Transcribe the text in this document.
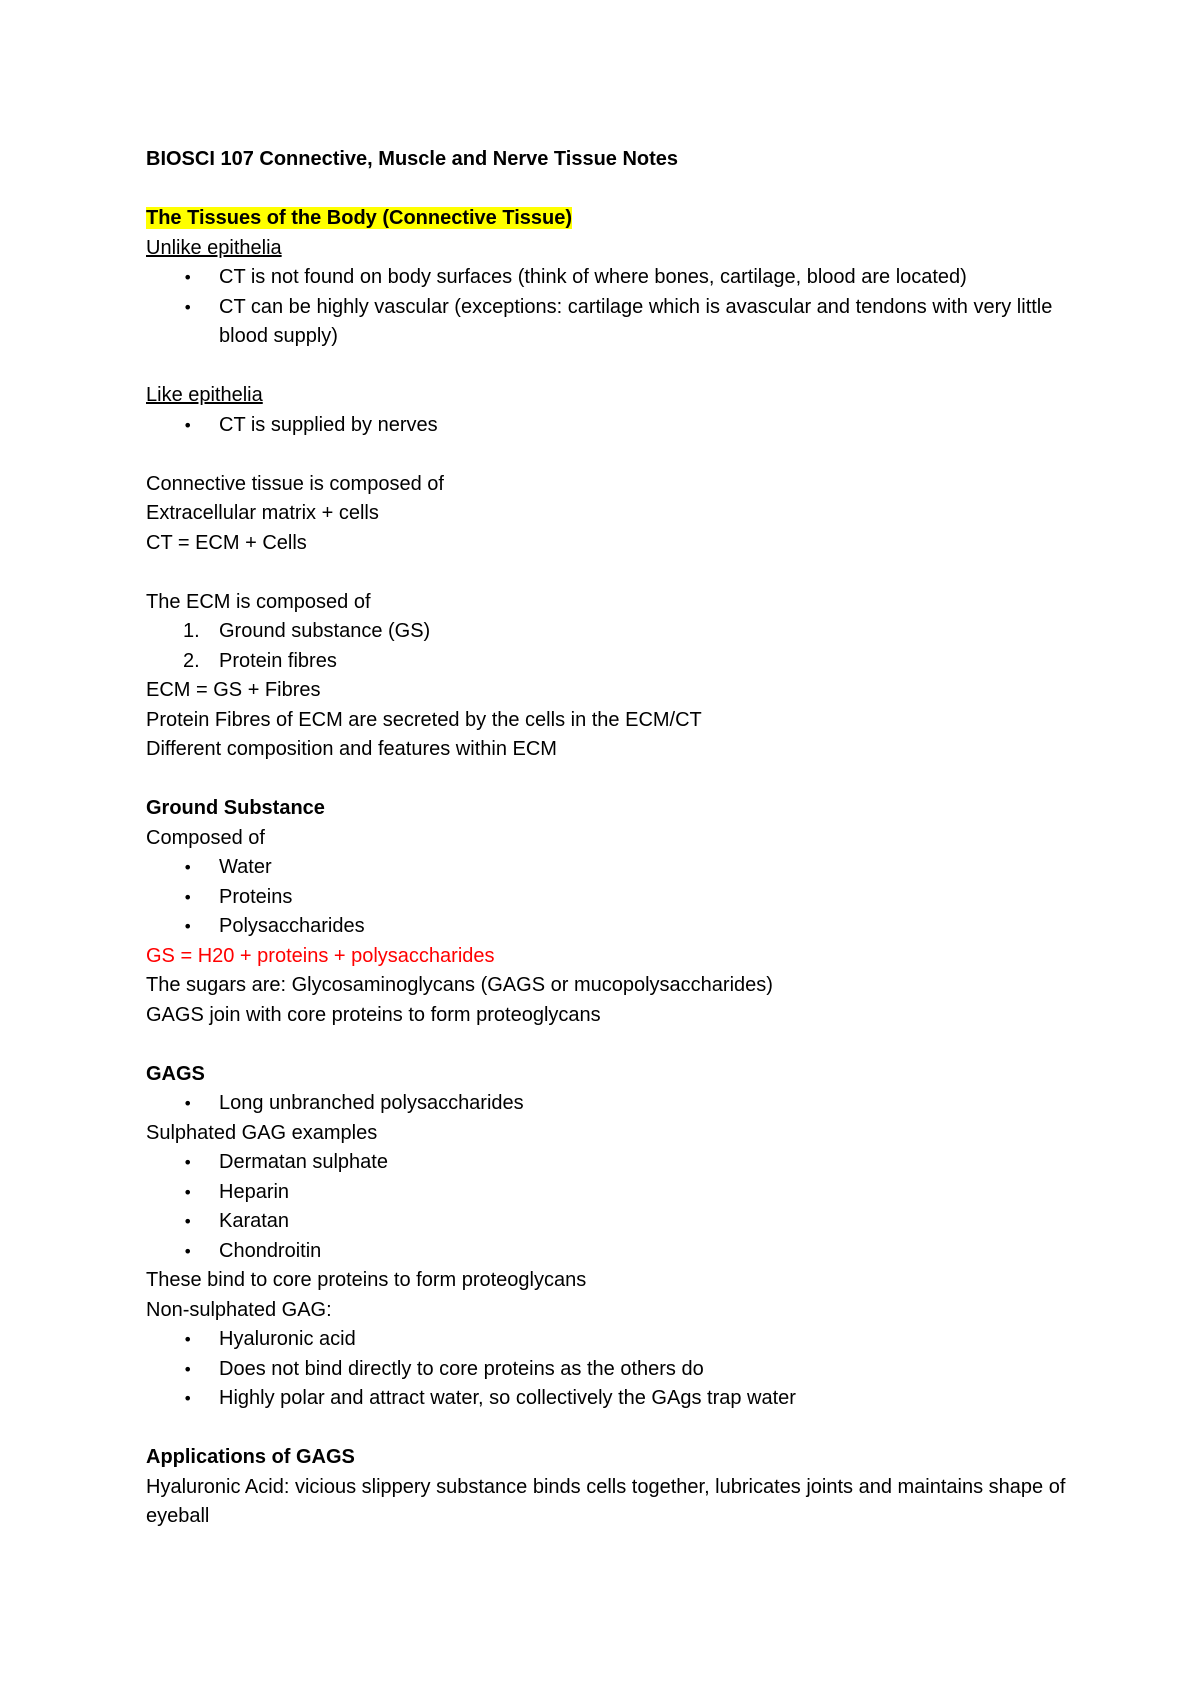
BIOSCI 107 Connective, Muscle and Nerve Tissue Notes
The Tissues of the Body (Connective Tissue)
Unlike epithelia
•	CT is not found on body surfaces (think of where bones, cartilage, blood are located)
•	CT can be highly vascular (exceptions: cartilage which is avascular and tendons with very little blood supply)
Like epithelia
•	CT is supplied by nerves
Connective tissue is composed of
Extracellular matrix + cells
CT = ECM + Cells
The ECM is composed of
1. Ground substance (GS)
2. Protein fibres
ECM = GS + Fibres
Protein Fibres of ECM are secreted by the cells in the ECM/CT
Different composition and features within ECM
Ground Substance
Composed of
•	Water
•	Proteins
•	Polysaccharides
GS = H20 + proteins + polysaccharides
The sugars are: Glycosaminoglycans (GAGS or mucopolysaccharides)
GAGS join with core proteins to form proteoglycans
GAGS
•	Long unbranched polysaccharides
Sulphated GAG examples
•	Dermatan sulphate
•	Heparin
•	Karatan
•	Chondroitin
These bind to core proteins to form proteoglycans
Non-sulphated GAG:
•	Hyaluronic acid
•	Does not bind directly to core proteins as the others do
•	Highly polar and attract water, so collectively the GAgs trap water
Applications of GAGS
Hyaluronic Acid: vicious slippery substance binds cells together, lubricates joints and maintains shape of eyeball
